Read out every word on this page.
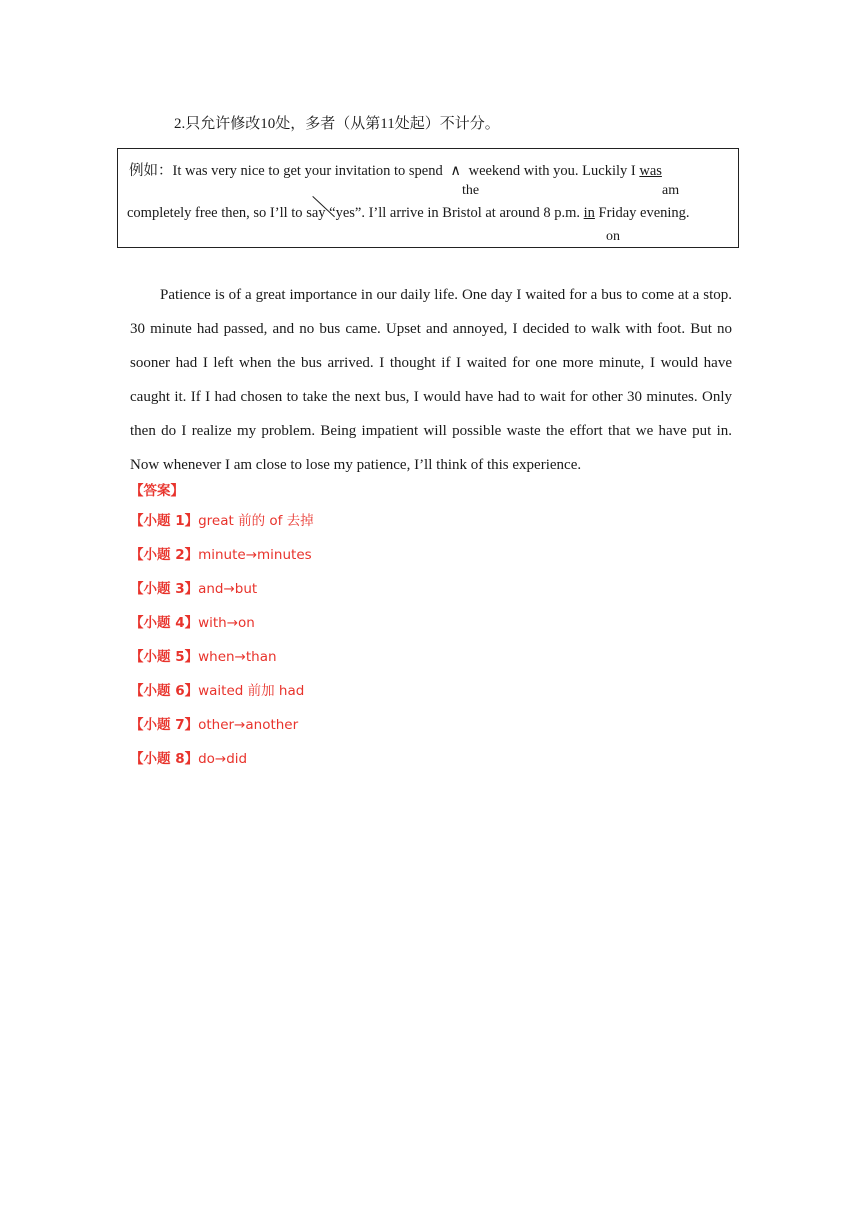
2.只允许修改10处，多者（从第11处起）不计分。
例如：It was very nice to get your invitation to spend ∧ weekend with you. Luckily I was
the	am
completely free then, so I’ll to say “yes”. I’ll arrive in Bristol at around 8 p.m. in Friday evening.
on
Patience is of a great importance in our daily life. One day I waited for a bus to come at a stop. 30 minute had passed, and no bus came. Upset and annoyed, I decided to walk with foot. But no sooner had I left when the bus arrived. I thought if I waited for one more minute, I would have caught it. If I had chosen to take the next bus, I would have had to wait for other 30 minutes. Only then do I realize my problem. Being impatient will possible waste the effort that we have put in. Now whenever I am close to lose my patience, I’ll think of this experience.
【答案】
【小题 1】great 前的 of 去掉
【小题 2】minute→minutes
【小题 3】and→but
【小题 4】with→on
【小题 5】when→than
【小题 6】waited 前加 had
【小题 7】other→another
【小题 8】do→did
